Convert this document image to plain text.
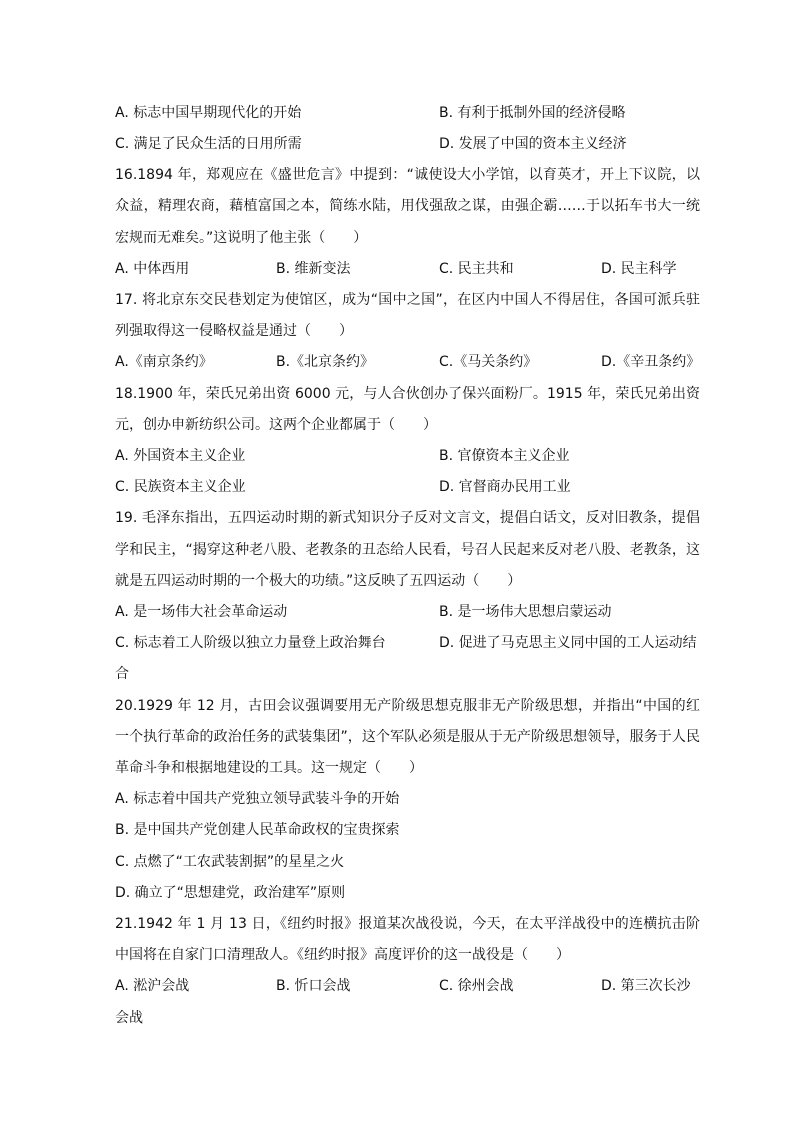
A. 标志中国早期现代化的开始	B. 有利于抵制外国的经济侵略
C. 满足了民众生活的日用所需	D. 发展了中国的资本主义经济
16.1894 年，郑观应在《盛世危言》中提到：“诚使设大小学馆，以育英才，开上下议院，以
众益，精理农商，藉植富国之本，简练水陆，用伐强敌之谋，由强企霸……于以拓车书大一统
宏规而无难矣。”这说明了他主张（　　）
A. 中体西用	B. 维新变法	C. 民主共和	D. 民主科学
17. 将北京东交民巷划定为使馆区，成为“国中之国”，在区内中国人不得居住，各国可派兵驻
列强取得这一侵略权益是通过（　　）
A.《南京条约》	B.《北京条约》	C.《马关条约》	D.《辛丑条约》
18.1900 年，荣氏兄弟出资 6000 元，与人合伙创办了保兴面粉厂。1915 年，荣氏兄弟出资
元，创办申新纺织公司。这两个企业都属于（　　）
A. 外国资本主义企业	B. 官僚资本主义企业
C. 民族资本主义企业	D. 官督商办民用工业
19. 毛泽东指出，五四运动时期的新式知识分子反对文言文，提倡白话文，反对旧教条，提倡
学和民主，“揭穿这种老八股、老教条的丑态给人民看，号召人民起来反对老八股、老教条，这
就是五四运动时期的一个极大的功绩。”这反映了五四运动（　　）
A. 是一场伟大社会革命运动	B. 是一场伟大思想启蒙运动
C. 标志着工人阶级以独立力量登上政治舞台	D. 促进了马克思主义同中国的工人运动结
合
20.1929 年 12 月，古田会议强调要用无产阶级思想克服非无产阶级思想，并指出“中国的红
一个执行革命的政治任务的武装集团”，这个军队必须是服从于无产阶级思想领导，服务于人民
革命斗争和根据地建设的工具。这一规定（　　）
A. 标志着中国共产党独立领导武装斗争的开始
B. 是中国共产党创建人民革命政权的宝贵探索
C. 点燃了“工农武装割据”的星星之火
D. 确立了“思想建党，政治建军”原则
21.1942 年 1 月 13 日，《纽约时报》报道某次战役说，今天，在太平洋战役中的连横抗击阶
中国将在自家门口清理敌人。《纽约时报》高度评价的这一战役是（　　）
A. 淞沪会战	B. 忻口会战	C. 徐州会战	D. 第三次长沙
会战
